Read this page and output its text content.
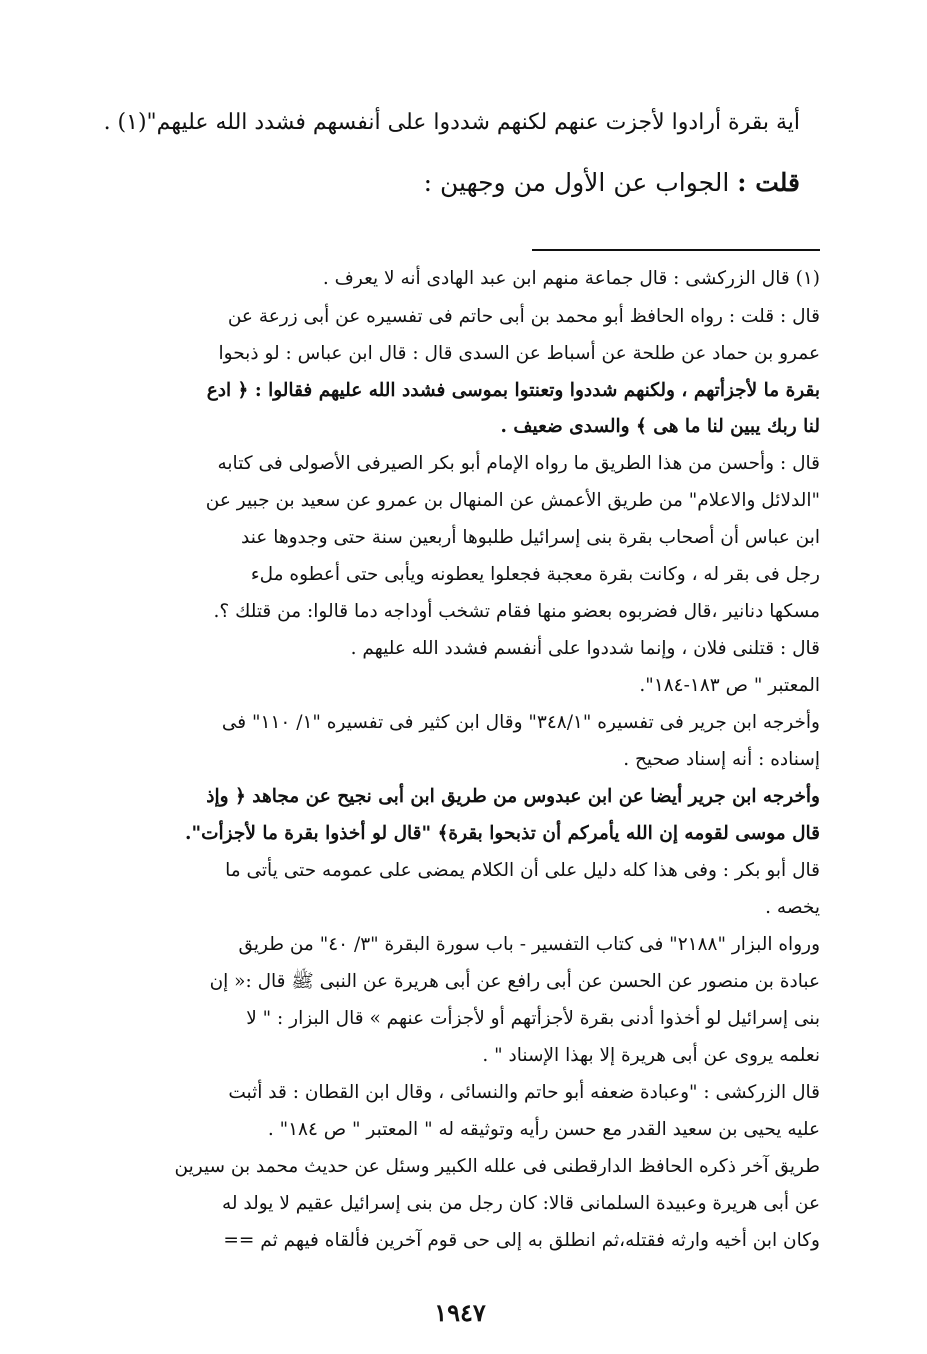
أية بقرة أرادوا لأجزت عنهم لكنهم شددوا على أنفسهم فشدد الله عليهم"(١) .
قلت : الجواب عن الأول من وجهين :
(١) قال الزركشى : قال جماعة منهم ابن عبد الهادى أنه لا يعرف .
قال : قلت : رواه الحافظ أبو محمد بن أبى حاتم فى تفسيره عن أبى زرعة عن
عمرو بن حماد عن طلحة عن أسباط عن السدى قال : قال ابن عباس : لو ذبحوا
بقرة ما لأجزأتهم ، ولكنهم شددوا وتعنتوا بموسى فشدد الله عليهم فقالوا : ﴿ ادع
لنا ربك يبين لنا ما هى ﴾ والسدى ضعيف .
قال : وأحسن من هذا الطريق ما رواه الإمام أبو بكر الصيرفى الأصولى فى كتابه
"الدلائل والاعلام" من طريق الأعمش عن المنهال بن عمرو عن سعيد بن جبير عن
ابن عباس أن أصحاب بقرة بنى إسرائيل طلبوها أربعين سنة حتى وجدوها عند
رجل فى بقر له ، وكانت بقرة معجبة فجعلوا يعطونه ويأبى حتى أعطوه ملء
مسكها دنانير ،قال فضربوه بعضو منها فقام تشخب أوداجه دما قالوا: من قتلك ؟.
قال : قتلنى فلان ، وإنما شددوا على أنفسم فشدد الله عليهم .
المعتبر " ص ١٨٣-١٨٤".
وأخرجه ابن جرير فى تفسيره "٣٤٨/١" وقال ابن كثير فى تفسيره "١/ ١١٠" فى
إسناده : أنه إسناد صحيح .
وأخرجه ابن جرير أيضا عن ابن عبدوس من طريق ابن أبى نجيح عن مجاهد ﴿ وإذ
قال موسى لقومه إن الله يأمركم أن تذبحوا بقرة﴾ "قال لو أخذوا بقرة ما لأجزأت".
قال أبو بكر : وفى هذا كله دليل على أن الكلام يمضى على عمومه حتى يأتى ما
يخصه .
ورواه البزار "٢١٨٨" فى كتاب التفسير - باب سورة البقرة "٣/ ٤٠" من طريق
عبادة بن منصور عن الحسن عن أبى رافع عن أبى هريرة عن النبى ﷺ قال :« إن
بنى إسرائيل لو أخذوا أدنى بقرة لأجزأتهم أو لأجزأت عنهم » قال البزار : " لا
نعلمه يروى عن أبى هريرة إلا بهذا الإسناد " .
قال الزركشى : "وعبادة ضعفه أبو حاتم والنسائى ، وقال ابن القطان : قد أثبت
عليه يحيى بن سعيد القدر مع حسن رأيه وتوثيقه له " المعتبر " ص ١٨٤" .
طريق آخر ذكره الحافظ الدارقطنى فى علله الكبير وسئل عن حديث محمد بن سيرين
عن أبى هريرة وعبيدة السلمانى قالا: كان رجل من بنى إسرائيل عقيم لا يولد له
وكان ابن أخيه وارثه فقتله،ثم انطلق به إلى حى قوم آخرين فألقاه فيهم ثم ==
١٩٤٧
